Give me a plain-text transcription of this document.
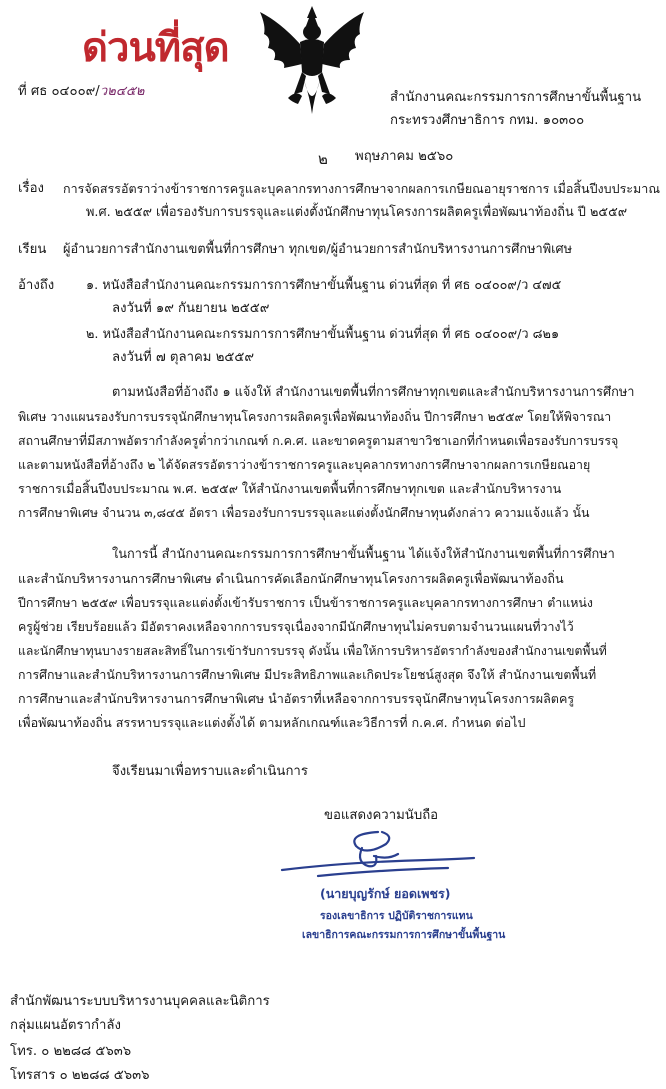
ด่วนที่สุด
ที่ ศธ ๐๔๐๐๙/ว๒๔๕๒	สำนักงานคณะกรรมการการศึกษาขั้นพื้นฐาน
กระทรวงศึกษาธิการ กทม. ๑๐๓๐๐
๒ พฤษภาคม ๒๕๖๐
เรื่อง การจัดสรรอัตราว่างข้าราชการครูและบุคลากรทางการศึกษาจากผลการเกษียณอายุราชการ เมื่อสิ้นปีงบประมาณ
พ.ศ. ๒๕๕๙ เพื่อรองรับการบรรจุและแต่งตั้งนักศึกษาทุนโครงการผลิตครูเพื่อพัฒนาท้องถิ่น ปี ๒๕๕๙
เรียน ผู้อำนวยการสำนักงานเขตพื้นที่การศึกษา ทุกเขต/ผู้อำนวยการสำนักบริหารงานการศึกษาพิเศษ
อ้างถึง ๑. หนังสือสำนักงานคณะกรรมการการศึกษาขั้นพื้นฐาน ด่วนที่สุด ที่ ศธ ๐๔๐๐๙/ว ๔๗๕
ลงวันที่ ๑๙ กันยายน ๒๕๕๙
๒. หนังสือสำนักงานคณะกรรมการการศึกษาขั้นพื้นฐาน ด่วนที่สุด ที่ ศธ ๐๔๐๐๙/ว ๘๒๑
ลงวันที่ ๗ ตุลาคม ๒๕๕๙
ตามหนังสือที่อ้างถึง ๑ แจ้งให้ สำนักงานเขตพื้นที่การศึกษาทุกเขตและสำนักบริหารงานการศึกษา
พิเศษ วางแผนรองรับการบรรจุนักศึกษาทุนโครงการผลิตครูเพื่อพัฒนาท้องถิ่น ปีการศึกษา ๒๕๕๙ โดยให้พิจารณา
สถานศึกษาที่มีสภาพอัตรากำลังครูต่ำกว่าเกณฑ์ ก.ค.ศ. และขาดครูตามสาขาวิชาเอกที่กำหนดเพื่อรองรับการบรรจุ
และตามหนังสือที่อ้างถึง ๒ ได้จัดสรรอัตราว่างข้าราชการครูและบุคลากรทางการศึกษาจากผลการเกษียณอายุ
ราชการเมื่อสิ้นปีงบประมาณ พ.ศ. ๒๕๕๙ ให้สำนักงานเขตพื้นที่การศึกษาทุกเขต และสำนักบริหารงาน
การศึกษาพิเศษ จำนวน ๓,๘๔๕ อัตรา เพื่อรองรับการบรรจุและแต่งตั้งนักศึกษาทุนดังกล่าว ความแจ้งแล้ว นั้น
ในการนี้ สำนักงานคณะกรรมการการศึกษาขั้นพื้นฐาน ได้แจ้งให้สำนักงานเขตพื้นที่การศึกษา
และสำนักบริหารงานการศึกษาพิเศษ ดำเนินการคัดเลือกนักศึกษาทุนโครงการผลิตครูเพื่อพัฒนาท้องถิ่น
ปีการศึกษา ๒๕๕๙ เพื่อบรรจุและแต่งตั้งเข้ารับราชการ เป็นข้าราชการครูและบุคลากรทางการศึกษา ตำแหน่ง
ครูผู้ช่วย เรียบร้อยแล้ว มีอัตราคงเหลือจากการบรรจุเนื่องจากมีนักศึกษาทุนไม่ครบตามจำนวนแผนที่วางไว้
และนักศึกษาทุนบางรายสละสิทธิ์ในการเข้ารับการบรรจุ ดังนั้น เพื่อให้การบริหารอัตรากำลังของสำนักงานเขตพื้นที่
การศึกษาและสำนักบริหารงานการศึกษาพิเศษ มีประสิทธิภาพและเกิดประโยชน์สูงสุด จึงให้ สำนักงานเขตพื้นที่
การศึกษาและสำนักบริหารงานการศึกษาพิเศษ นำอัตราที่เหลือจากการบรรจุนักศึกษาทุนโครงการผลิตครู
เพื่อพัฒนาท้องถิ่น สรรหาบรรจุและแต่งตั้งได้ ตามหลักเกณฑ์และวิธีการที่ ก.ค.ศ. กำหนด ต่อไป
จึงเรียนมาเพื่อทราบและดำเนินการ
ขอแสดงความนับถือ
(นายบุญรักษ์ ยอดเพชร)
รองเลขาธิการ ปฏิบัติราชการแทน
เลขาธิการคณะกรรมการการศึกษาขั้นพื้นฐาน
สำนักพัฒนาระบบบริหารงานบุคคลและนิติการ
กลุ่มแผนอัตรากำลัง
โทร. ๐ ๒๒๘๘ ๕๖๓๖
โทรสาร ๐ ๒๒๘๘ ๕๖๓๖
